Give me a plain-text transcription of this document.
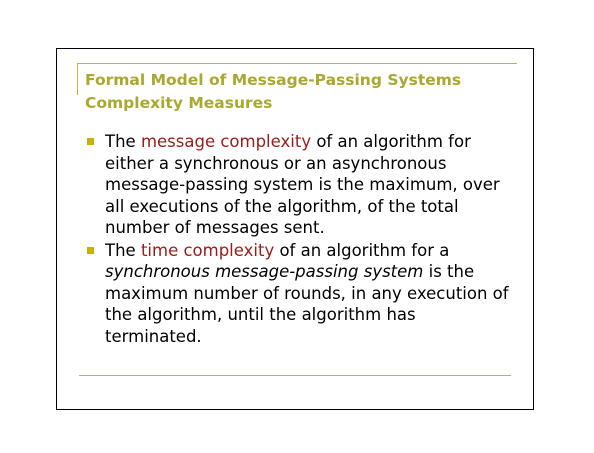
Formal Model of Message-Passing Systems
Complexity Measures
The message complexity of an algorithm for either a synchronous or an asynchronous message-passing system is the maximum, over all executions of the algorithm, of the total number of messages sent.
The time complexity of an algorithm for a synchronous message-passing system is the maximum number of rounds, in any execution of the algorithm, until the algorithm has terminated.
